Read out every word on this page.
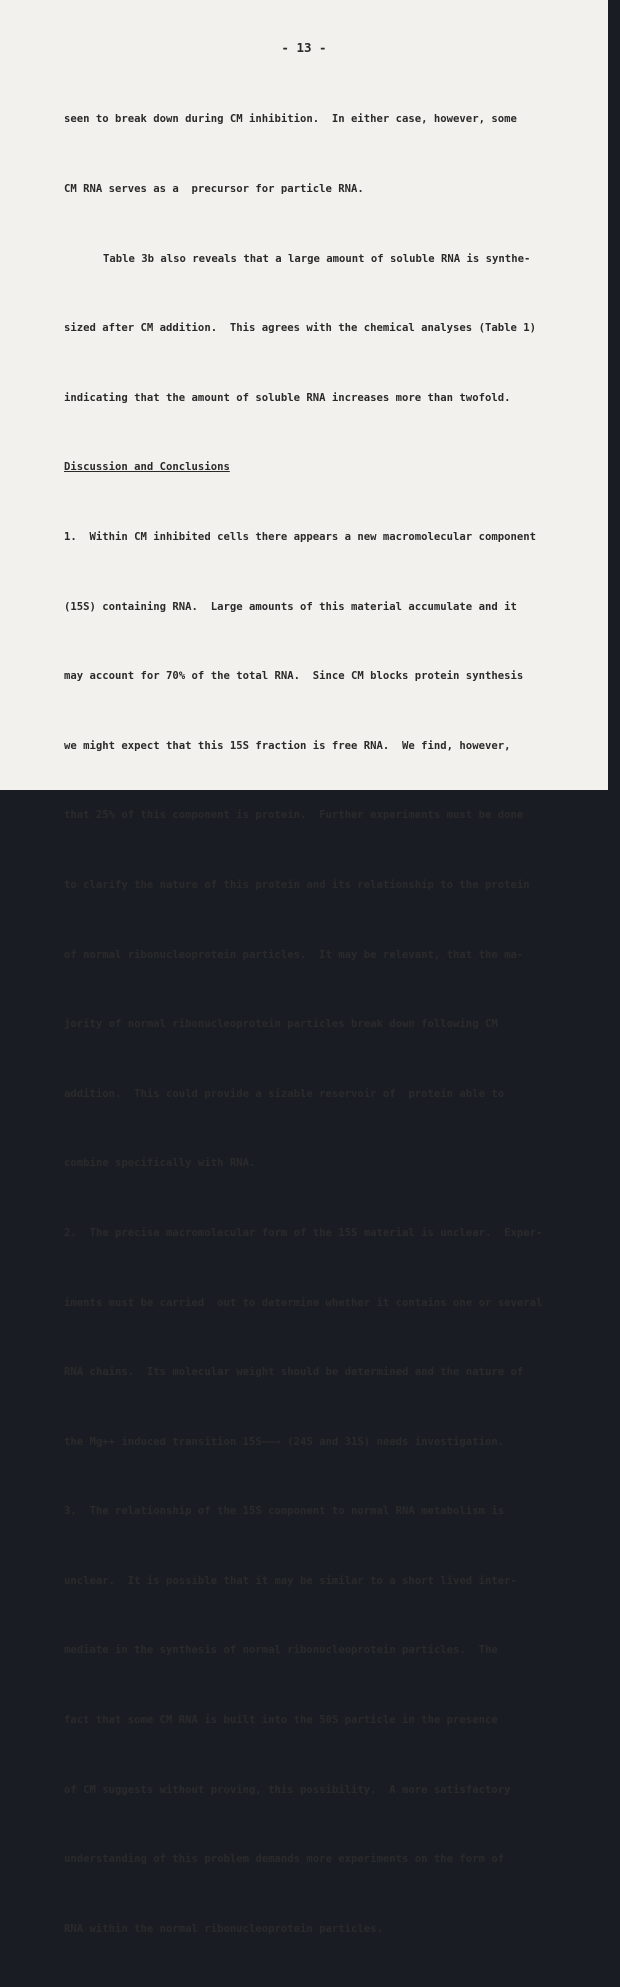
- 13 -

seen to break down during CM inhibition.  In either case, however, some

CM RNA serves as a  precursor for particle RNA.

Table 3b also reveals that a large amount of soluble RNA is synthe-

sized after CM addition.  This agrees with the chemical analyses (Table 1)

indicating that the amount of soluble RNA increases more than twofold.

Discussion and Conclusions

1.  Within CM inhibited cells there appears a new macromolecular component

(15S) containing RNA.  Large amounts of this material accumulate and it

may account for 70% of the total RNA.  Since CM blocks protein synthesis

we might expect that this 15S fraction is free RNA.  We find, however,

that 25% of this component is protein.  Further experiments must be done

to clarify the nature of this protein and its relationship to the protein

of normal ribonucleoprotein particles.  It may be relevant, that the ma-

jority of normal ribonucleoprotein particles break down following CM

addition.  This could provide a sizable reservoir of  protein able to

combine specifically with RNA.

2.  The precise macromolecular form of the 15S material is unclear.  Exper-

iments must be carried  out to determine whether it contains one or several

RNA chains.  Its molecular weight should be determined and the nature of

the Mg++ induced transition 15S——→ (24S and 31S) needs investigation.

3.  The relationship of the 15S component to normal RNA metabolism is

unclear.  It is possible that it may be similar to a short lived inter-

mediate in the synthesis of normal ribonucleoprotein particles.  The

fact that some CM RNA is built into the 50S particle in the presence

of CM suggests without proving, this possibility.  A more satisfactory

understanding of this problem demands more experiments on the form of

RNA within the normal ribonucleoprotein particles.
